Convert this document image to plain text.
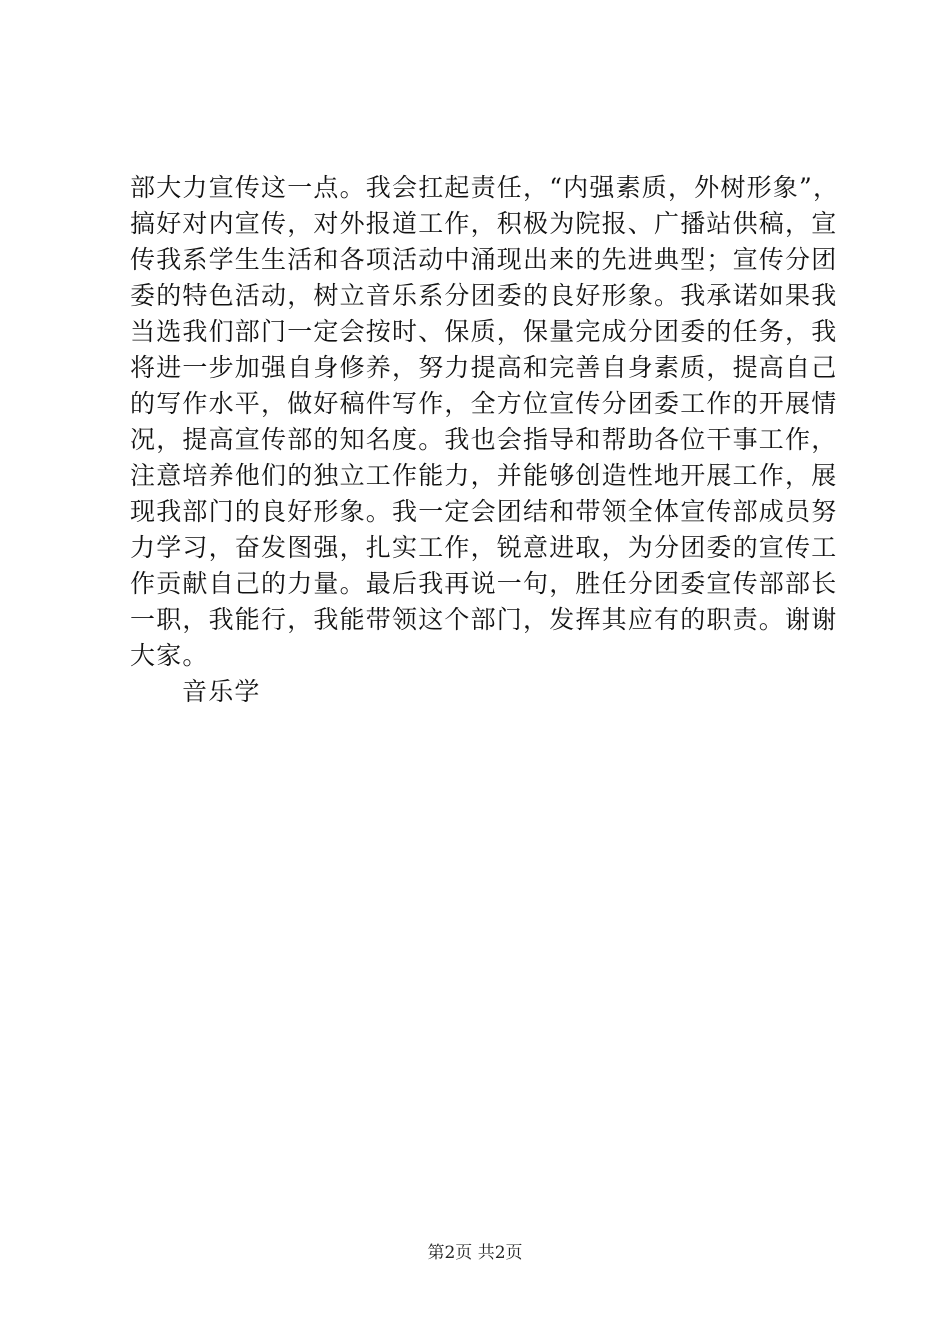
部大力宣传这一点。我会扛起责任，“内强素质，外树形象”，
搞好对内宣传，对外报道工作，积极为院报、广播站供稿，宣
传我系学生生活和各项活动中涌现出来的先进典型；宣传分团
委的特色活动，树立音乐系分团委的良好形象。我承诺如果我
当选我们部门一定会按时、保质，保量完成分团委的任务，我
将进一步加强自身修养，努力提高和完善自身素质，提高自己
的写作水平，做好稿件写作，全方位宣传分团委工作的开展情
况，提高宣传部的知名度。我也会指导和帮助各位干事工作，
注意培养他们的独立工作能力，并能够创造性地开展工作，展
现我部门的良好形象。我一定会团结和带领全体宣传部成员努
力学习，奋发图强，扎实工作，锐意进取，为分团委的宣传工
作贡献自己的力量。最后我再说一句，胜任分团委宣传部部长
一职，我能行，我能带领这个部门，发挥其应有的职责。谢谢
大家。
音乐学
第2页 共2页
